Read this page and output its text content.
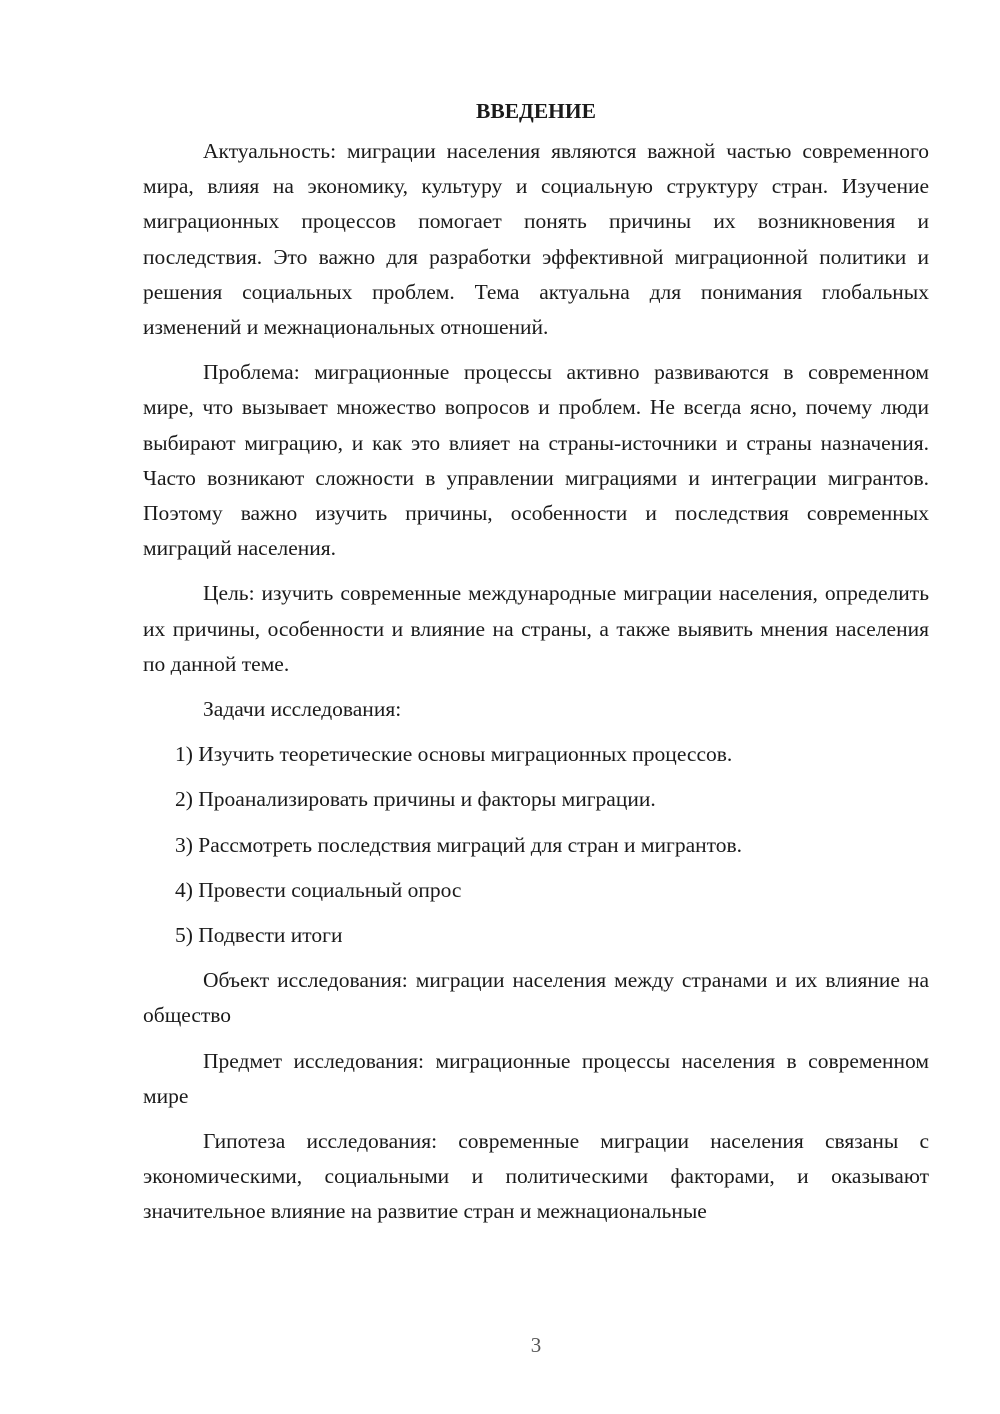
ВВЕДЕНИЕ

Актуальность: миграции населения являются важной частью современного мира, влияя на экономику, культуру и социальную структуру стран. Изучение миграционных процессов помогает понять причины их возникновения и последствия. Это важно для разработки эффективной миграционной политики и решения социальных проблем. Тема актуальна для понимания глобальных изменений и межнациональных отношений.

Проблема: миграционные процессы активно развиваются в современном мире, что вызывает множество вопросов и проблем. Не всегда ясно, почему люди выбирают миграцию, и как это влияет на страны-источники и страны назначения. Часто возникают сложности в управлении миграциями и интеграции мигрантов. Поэтому важно изучить причины, особенности и последствия современных миграций населения.

Цель: изучить современные международные миграции населения, определить их причины, особенности и влияние на страны, а также выявить мнения населения по данной теме.

Задачи исследования:

1) Изучить теоретические основы миграционных процессов.
2) Проанализировать причины и факторы миграции.
3) Рассмотреть последствия миграций для стран и мигрантов.
4) Провести социальный опрос
5) Подвести итоги

Объект исследования: миграции населения между странами и их влияние на общество

Предмет исследования: миграционные процессы населения в современном мире

Гипотеза исследования: современные миграции населения связаны с экономическими, социальными и политическими факторами, и оказывают значительное влияние на развитие стран и межнациональные

3
